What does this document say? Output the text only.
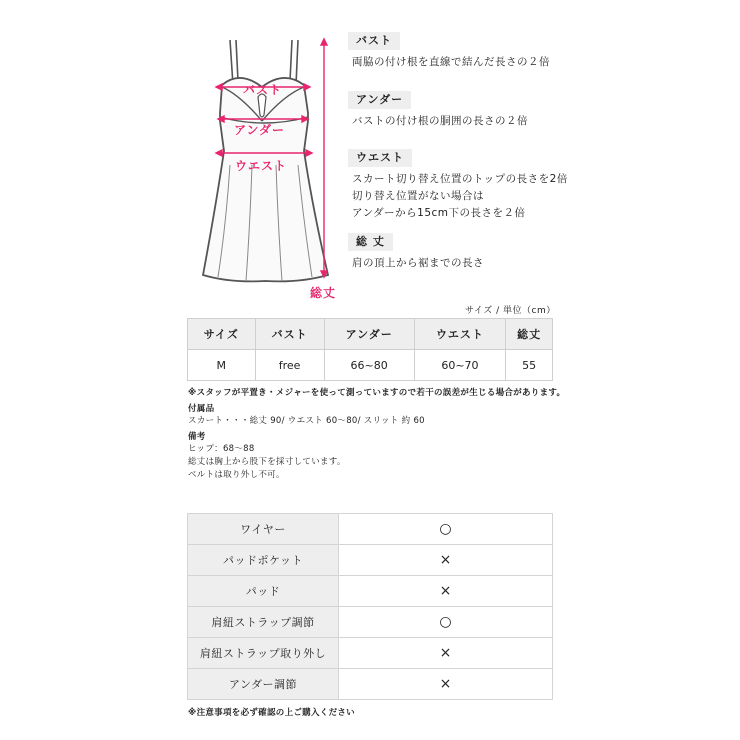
バスト
アンダー
ウエスト
総丈
バスト
両脇の付け根を直線で結んだ長さの２倍
アンダー
バストの付け根の胴囲の長さの２倍
ウエスト
スカート切り替え位置のトップの長さを2倍
切り替え位置がない場合は
アンダーから15cm下の長さを２倍
総 丈
肩の頂上から裾までの長さ
サイズ / 単位（cm）
サイズ	バスト	アンダー	ウエスト	総丈
M	free	66~80	60~70	55
※スタッフが平置き・メジャーを使って測っていますので若干の誤差が生じる場合があります。
付属品
スカート・・・総丈 90/ ウエスト 60～80/ スリット 約 60
備考
ヒップ：68～88
総丈は胸上から股下を採寸しています。
ベルトは取り外し不可。
ワイヤー	○
パッドポケット	×
パッド	×
肩紐ストラップ調節	○
肩紐ストラップ取り外し	×
アンダー調節	×
※注意事項を必ず確認の上ご購入ください
